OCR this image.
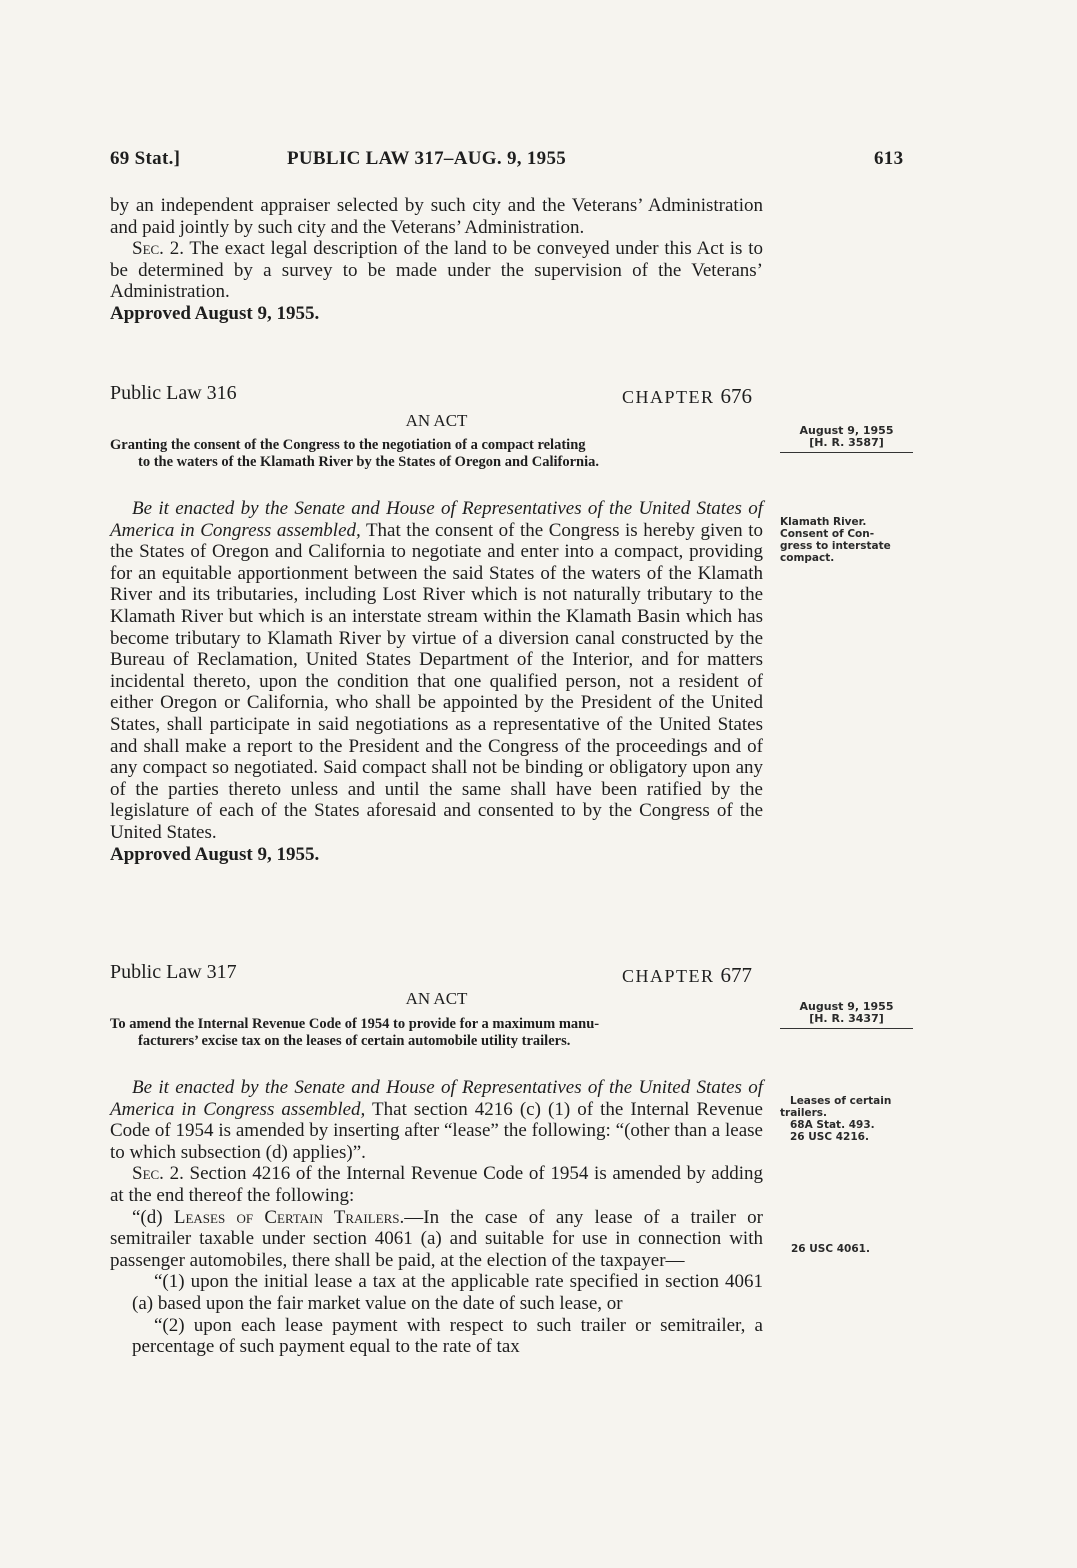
69 Stat.]	PUBLIC LAW 317–AUG. 9, 1955	613

by an independent appraiser selected by such city and the Veterans’ Administration and paid jointly by such city and the Veterans’ Administration.

Sec. 2. The exact legal description of the land to be conveyed under this Act is to be determined by a survey to be made under the supervision of the Veterans’ Administration.

Approved August 9, 1955.

Public Law 316	CHAPTER 676
AN ACT
Granting the consent of the Congress to the negotiation of a compact relating
to the waters of the Klamath River by the States of Oregon and California.
August 9, 1955
[H. R. 3587]
Klamath River.
Consent of Con-
gress to interstate
compact.

Be it enacted by the Senate and House of Representatives of the United States of America in Congress assembled, That the consent of the Congress is hereby given to the States of Oregon and California to negotiate and enter into a compact, providing for an equitable apportionment between the said States of the waters of the Klamath River and its tributaries, including Lost River which is not naturally tributary to the Klamath River but which is an interstate stream within the Klamath Basin which has become tributary to Klamath River by virtue of a diversion canal constructed by the Bureau of Reclamation, United States Department of the Interior, and for matters incidental thereto, upon the condition that one qualified person, not a resident of either Oregon or California, who shall be appointed by the President of the United States, shall participate in said negotiations as a representative of the United States and shall make a report to the President and the Congress of the proceedings and of any compact so negotiated. Said compact shall not be binding or obligatory upon any of the parties thereto unless and until the same shall have been ratified by the legislature of each of the States aforesaid and consented to by the Congress of the United States.

Approved August 9, 1955.

Public Law 317	CHAPTER 677
AN ACT
To amend the Internal Revenue Code of 1954 to provide for a maximum manu-
facturers’ excise tax on the leases of certain automobile utility trailers.
August 9, 1955
[H. R. 3437]
Leases of certain
trailers.
68A Stat. 493.
26 USC 4216.
26 USC 4061.

Be it enacted by the Senate and House of Representatives of the United States of America in Congress assembled, That section 4216 (c) (1) of the Internal Revenue Code of 1954 is amended by inserting after “lease” the following: “(other than a lease to which subsection (d) applies)”.

Sec. 2. Section 4216 of the Internal Revenue Code of 1954 is amended by adding at the end thereof the following:

“(d) Leases of Certain Trailers.—In the case of any lease of a trailer or semitrailer taxable under section 4061 (a) and suitable for use in connection with passenger automobiles, there shall be paid, at the election of the taxpayer—

“(1) upon the initial lease a tax at the applicable rate specified in section 4061 (a) based upon the fair market value on the date of such lease, or

“(2) upon each lease payment with respect to such trailer or semitrailer, a percentage of such payment equal to the rate of tax
